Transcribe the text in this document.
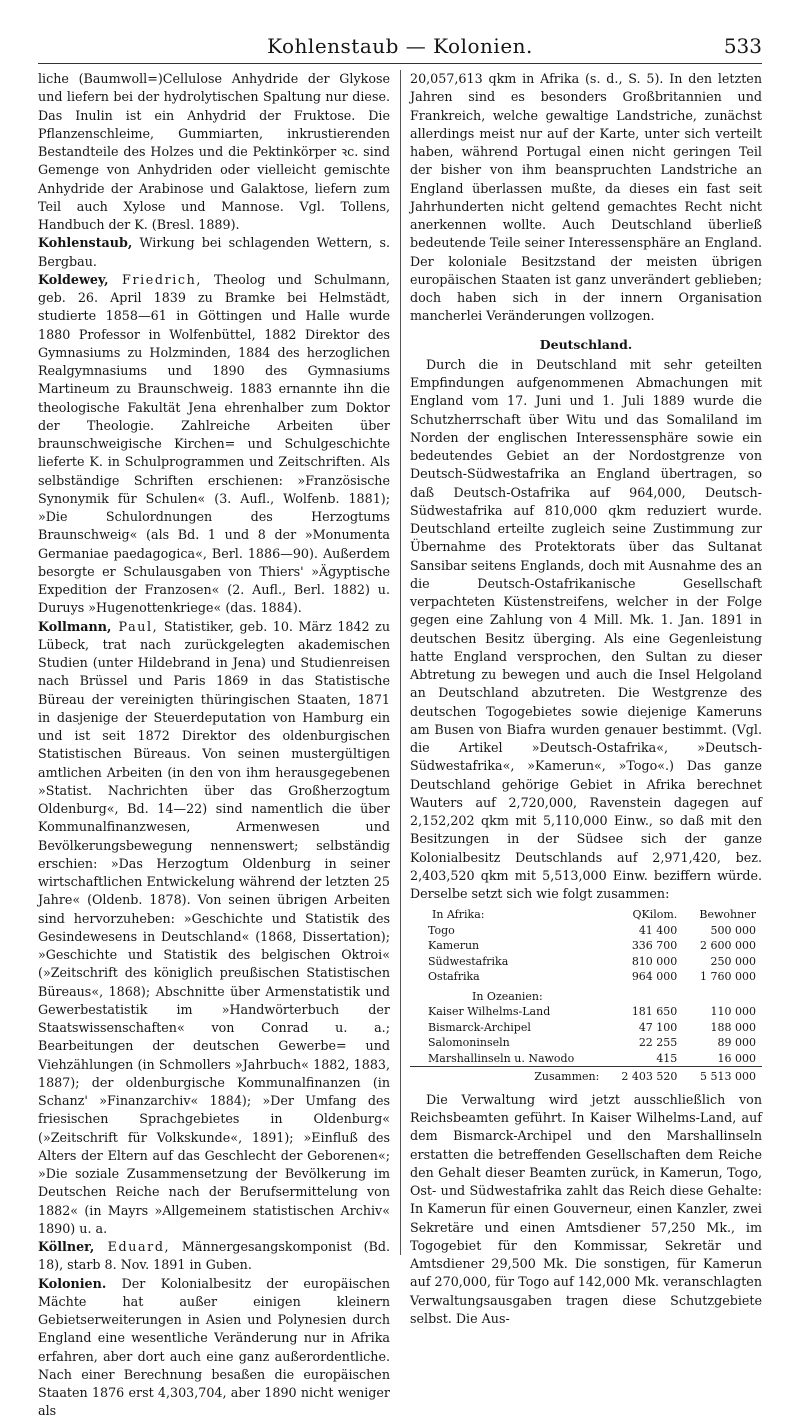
Kohlenstaub — Kolonien.	533

liche (Baumwoll=)Cellulose Anhydride der Glykose und liefern bei der hydrolytischen Spaltung nur diese. Das Inulin ist ein Anhydrid der Fruktose. Die Pflanzenschleime, Gummiarten, inkrustierenden Bestandteile des Holzes und die Pektinkörper ꝛc. sind Gemenge von Anhydriden oder vielleicht gemischte Anhydride der Arabinose und Galaktose, liefern zum Teil auch Xylose und Mannose. Vgl. Tollens, Handbuch der K. (Bresl. 1889).

Kohlenstaub, Wirkung bei schlagenden Wettern, s. Bergbau.

Koldewey, Friedrich, Theolog und Schulmann, geb. 26. April 1839 zu Bramke bei Helmstädt, studierte 1858—61 in Göttingen und Halle wurde 1880 Professor in Wolfenbüttel, 1882 Direktor des Gymnasiums zu Holzminden, 1884 des herzoglichen Realgymnasiums und 1890 des Gymnasiums Martineum zu Braunschweig. 1883 ernannte ihn die theologische Fakultät Jena ehrenhalber zum Doktor der Theologie. Zahlreiche Arbeiten über braunschweigische Kirchen= und Schulgeschichte lieferte K. in Schulprogrammen und Zeitschriften. Als selbständige Schriften erschienen: »Französische Synonymik für Schulen« (3. Aufl., Wolfenb. 1881); »Die Schulordnungen des Herzogtums Braunschweig« (als Bd. 1 und 8 der »Monumenta Germaniae paedagogica«, Berl. 1886—90). Außerdem besorgte er Schulausgaben von Thiers' »Ägyptische Expedition der Franzosen« (2. Aufl., Berl. 1882) u. Duruys »Hugenottenkriege« (das. 1884).

Kollmann, Paul, Statistiker, geb. 10. März 1842 zu Lübeck, trat nach zurückgelegten akademischen Studien (unter Hildebrand in Jena) und Studienreisen nach Brüssel und Paris 1869 in das Statistische Büreau der vereinigten thüringischen Staaten, 1871 in dasjenige der Steuerdeputation von Hamburg ein und ist seit 1872 Direktor des oldenburgischen Statistischen Büreaus. Von seinen mustergültigen amtlichen Arbeiten (in den von ihm herausgegebenen »Statist. Nachrichten über das Großherzogtum Oldenburg«, Bd. 14—22) sind namentlich die über Kommunalfinanzwesen, Armenwesen und Bevölkerungsbewegung nennenswert; selbständig erschien: »Das Herzogtum Oldenburg in seiner wirtschaftlichen Entwickelung während der letzten 25 Jahre« (Oldenb. 1878). Von seinen übrigen Arbeiten sind hervorzuheben: »Geschichte und Statistik des Gesindewesens in Deutschland« (1868, Dissertation); »Geschichte und Statistik des belgischen Oktroi« (»Zeitschrift des königlich preußischen Statistischen Büreaus«, 1868); Abschnitte über Armenstatistik und Gewerbestatistik im »Handwörterbuch der Staatswissenschaften« von Conrad u. a.; Bearbeitungen der deutschen Gewerbe= und Viehzählungen (in Schmollers »Jahrbuch« 1882, 1883, 1887); der oldenburgische Kommunalfinanzen (in Schanz' »Finanzarchiv« 1884); »Der Umfang des friesischen Sprachgebietes in Oldenburg« (»Zeitschrift für Volkskunde«, 1891); »Einfluß des Alters der Eltern auf das Geschlecht der Geborenen«; »Die soziale Zusammensetzung der Bevölkerung im Deutschen Reiche nach der Berufsermittelung von 1882« (in Mayrs »Allgemeinem statistischen Archiv« 1890) u. a.

Köllner, Eduard, Männergesangskomponist (Bd. 18), starb 8. Nov. 1891 in Guben.

Kolonien. Der Kolonialbesitz der europäischen Mächte hat außer einigen kleinern Gebietserweiterungen in Asien und Polynesien durch England eine wesentliche Veränderung nur in Afrika erfahren, aber dort auch eine ganz außerordentliche. Nach einer Berechnung besaßen die europäischen Staaten 1876 erst 4,303,704, aber 1890 nicht weniger als

20,057,613 qkm in Afrika (s. d., S. 5). In den letzten Jahren sind es besonders Großbritannien und Frankreich, welche gewaltige Landstriche, zunächst allerdings meist nur auf der Karte, unter sich verteilt haben, während Portugal einen nicht geringen Teil der bisher von ihm beanspruchten Landstriche an England überlassen mußte, da dieses ein fast seit Jahrhunderten nicht geltend gemachtes Recht nicht anerkennen wollte. Auch Deutschland überließ bedeutende Teile seiner Interessensphäre an England. Der koloniale Besitzstand der meisten übrigen europäischen Staaten ist ganz unverändert geblieben; doch haben sich in der innern Organisation mancherlei Veränderungen vollzogen.

Deutschland.

Durch die in Deutschland mit sehr geteilten Empfindungen aufgenommenen Abmachungen mit England vom 17. Juni und 1. Juli 1889 wurde die Schutzherrschaft über Witu und das Somaliland im Norden der englischen Interessensphäre sowie ein bedeutendes Gebiet an der Nordostgrenze von Deutsch-Südwestafrika an England übertragen, so daß Deutsch-Ostafrika auf 964,000, Deutsch-Südwestafrika auf 810,000 qkm reduziert wurde. Deutschland erteilte zugleich seine Zustimmung zur Übernahme des Protektorats über das Sultanat Sansibar seitens Englands, doch mit Ausnahme des an die Deutsch-Ostafrikanische Gesellschaft verpachteten Küstenstreifens, welcher in der Folge gegen eine Zahlung von 4 Mill. Mk. 1. Jan. 1891 in deutschen Besitz überging. Als eine Gegenleistung hatte England versprochen, den Sultan zu dieser Abtretung zu bewegen und auch die Insel Helgoland an Deutschland abzutreten. Die Westgrenze des deutschen Togogebietes sowie diejenige Kameruns am Busen von Biafra wurden genauer bestimmt. (Vgl. die Artikel »Deutsch-Ostafrika«, »Deutsch-Südwestafrika«, »Kamerun«, »Togo«.) Das ganze Deutschland gehörige Gebiet in Afrika berechnet Wauters auf 2,720,000, Ravenstein dagegen auf 2,152,202 qkm mit 5,110,000 Einw., so daß mit den Besitzungen in der Südsee sich der ganze Kolonialbesitz Deutschlands auf 2,971,420, bez. 2,403,520 qkm mit 5,513,000 Einw. beziffern würde. Derselbe setzt sich wie folgt zusammen:

In Afrika:	QKilom.	Bewohner
Togo	41 400	500 000
Kamerun	336 700	2 600 000
Südwestafrika	810 000	250 000
Ostafrika	964 000	1 760 000
In Ozeanien:		
Kaiser Wilhelms-Land	181 650	110 000
Bismarck-Archipel	47 100	188 000
Salomoninseln	22 255	89 000
Marshallinseln u. Nawodo	415	16 000
Zusammen:	2 403 520	5 513 000

Die Verwaltung wird jetzt ausschließlich von Reichsbeamten geführt. In Kaiser Wilhelms-Land, auf dem Bismarck-Archipel und den Marshallinseln erstatten die betreffenden Gesellschaften dem Reiche den Gehalt dieser Beamten zurück, in Kamerun, Togo, Ost- und Südwestafrika zahlt das Reich diese Gehalte: In Kamerun für einen Gouverneur, einen Kanzler, zwei Sekretäre und einen Amtsdiener 57,250 Mk., im Togogebiet für den Kommissar, Sekretär und Amtsdiener 29,500 Mk. Die sonstigen, für Kamerun auf 270,000, für Togo auf 142,000 Mk. veranschlagten Verwaltungsausgaben tragen diese Schutzgebiete selbst. Die Aus-
